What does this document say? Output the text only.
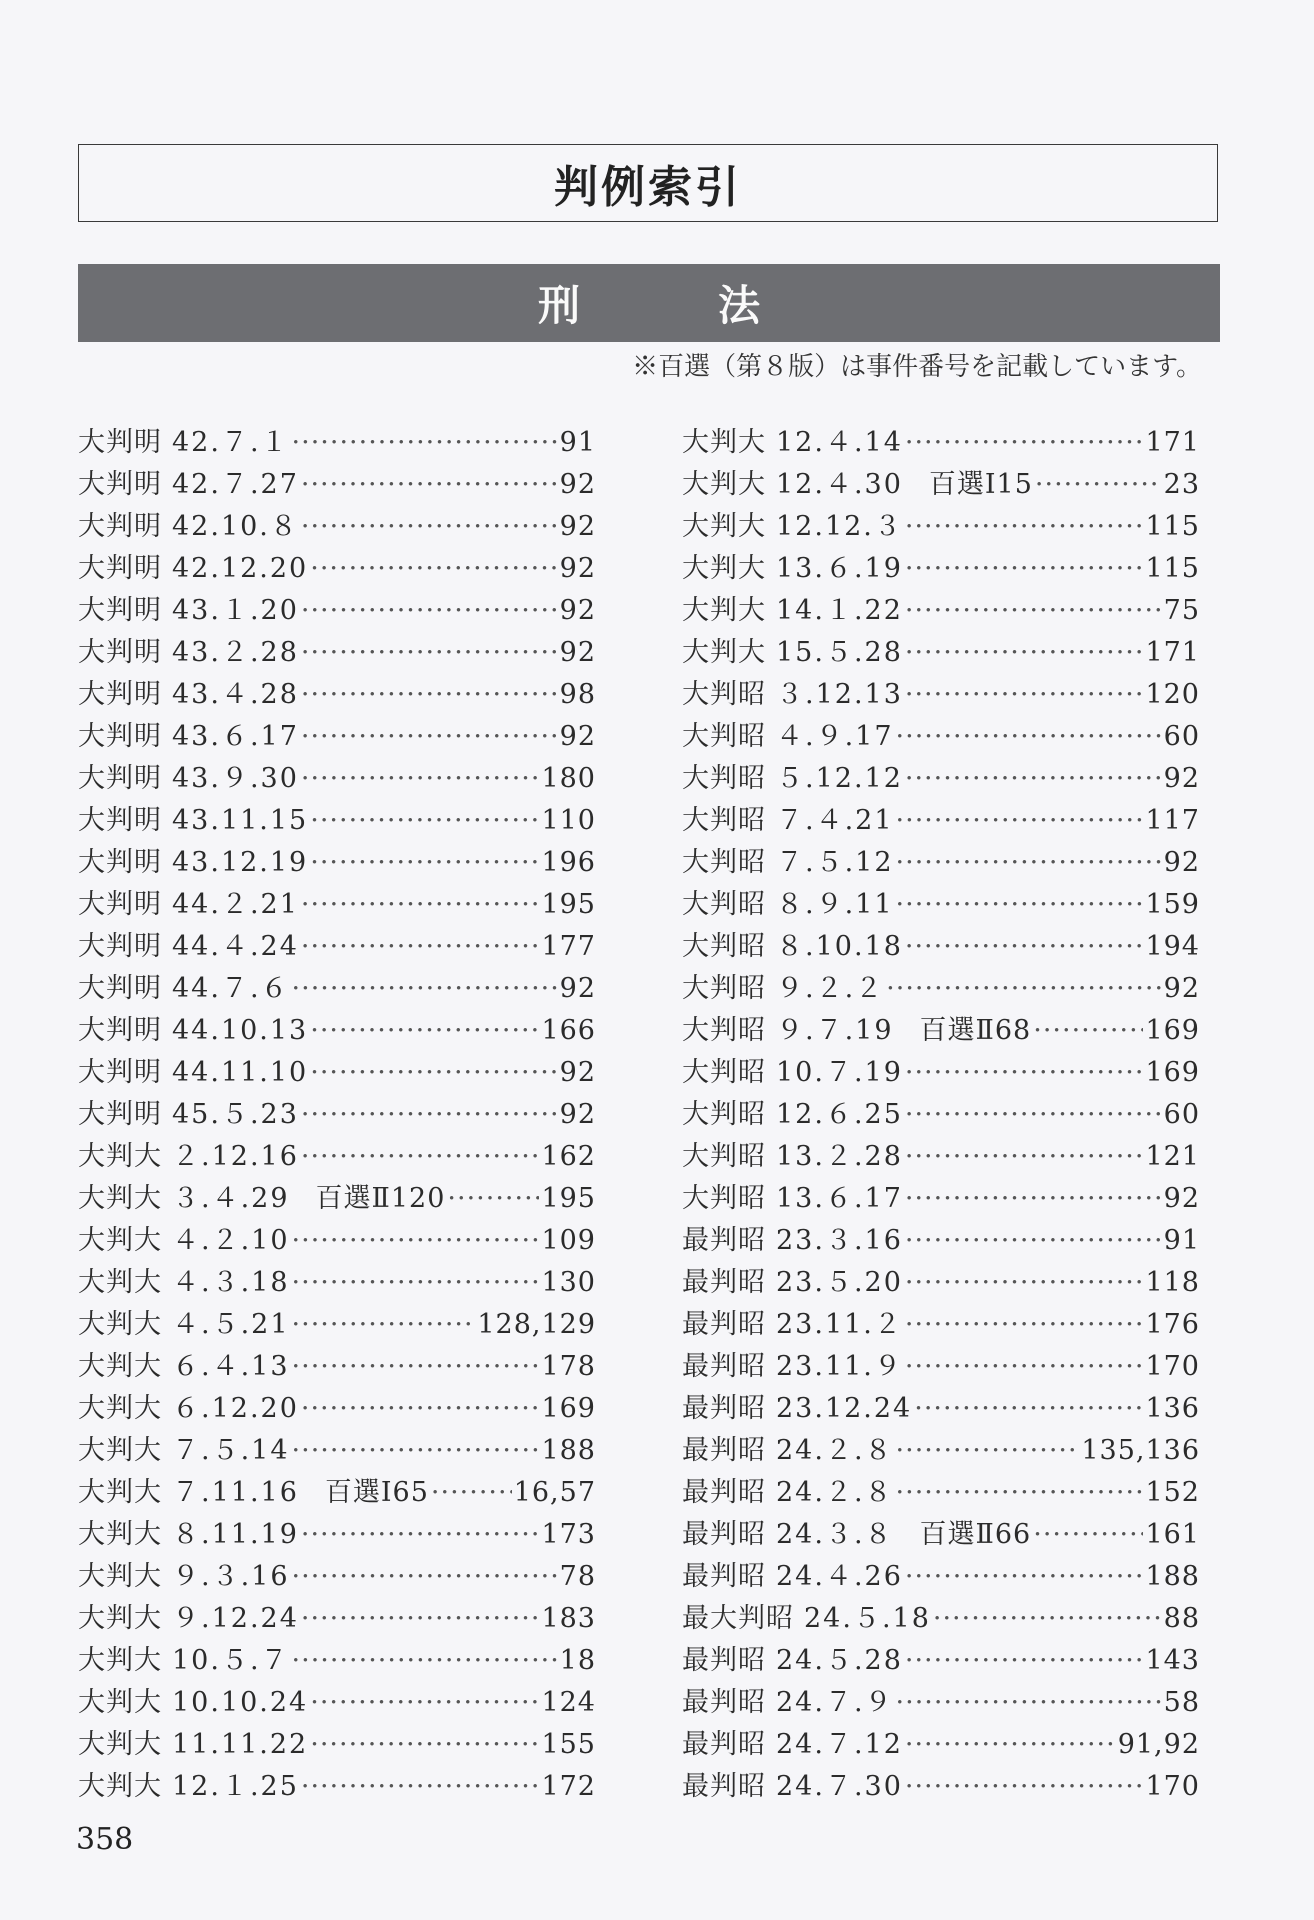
判例索引
刑　法
※百選（第８版）は事件番号を記載しています。
大判明 42.７.１ ·····	91
大判明 42.７.27 ·····	92
大判明 42.10.８ ·····	92
大判明 42.12.20 ·····	92
大判明 43.１.20 ·····	92
大判明 43.２.28 ·····	92
大判明 43.４.28 ·····	98
大判明 43.６.17 ·····	92
大判明 43.９.30 ·····	180
大判明 43.11.15 ·····	110
大判明 43.12.19 ·····	196
大判明 44.２.21 ·····	195
大判明 44.４.24 ·····	177
大判明 44.７.６ ·····	92
大判明 44.10.13 ·····	166
大判明 44.11.10 ·····	92
大判明 45.５.23 ·····	92
大判大 ２.12.16 ·····	162
大判大 ３.４.29 百選Ⅱ120 ·····	195
大判大 ４.２.10 ·····	109
大判大 ４.３.18 ·····	130
大判大 ４.５.21 ·····	128,129
大判大 ６.４.13 ·····	178
大判大 ６.12.20 ·····	169
大判大 ７.５.14 ·····	188
大判大 ７.11.16 百選Ⅰ65 ·····	16,57
大判大 ８.11.19 ·····	173
大判大 ９.３.16 ·····	78
大判大 ９.12.24 ·····	183
大判大 10.５.７ ·····	18
大判大 10.10.24 ·····	124
大判大 11.11.22 ·····	155
大判大 12.１.25 ·····	172
大判大 12.４.14 ·····	171
大判大 12.４.30 百選Ⅰ15 ·····	23
大判大 12.12.３ ·····	115
大判大 13.６.19 ·····	115
大判大 14.１.22 ·····	75
大判大 15.５.28 ·····	171
大判昭 ３.12.13 ·····	120
大判昭 ４.９.17 ·····	60
大判昭 ５.12.12 ·····	92
大判昭 ７.４.21 ·····	117
大判昭 ７.５.12 ·····	92
大判昭 ８.９.11 ·····	159
大判昭 ８.10.18 ·····	194
大判昭 ９.２.２ ·····	92
大判昭 ９.７.19 百選Ⅱ68 ·····	169
大判昭 10.７.19 ·····	169
大判昭 12.６.25 ·····	60
大判昭 13.２.28 ·····	121
大判昭 13.６.17 ·····	92
最判昭 23.３.16 ·····	91
最判昭 23.５.20 ·····	118
最判昭 23.11.２ ·····	176
最判昭 23.11.９ ·····	170
最判昭 23.12.24 ·····	136
最判昭 24.２.８ ·····	135,136
最判昭 24.２.８ ·····	152
最判昭 24.３.８ 百選Ⅱ66 ·····	161
最判昭 24.４.26 ·····	188
最大判昭 24.５.18 ·····	88
最判昭 24.５.28 ·····	143
最判昭 24.７.９ ·····	58
最判昭 24.７.12 ·····	91,92
最判昭 24.７.30 ·····	170
358
